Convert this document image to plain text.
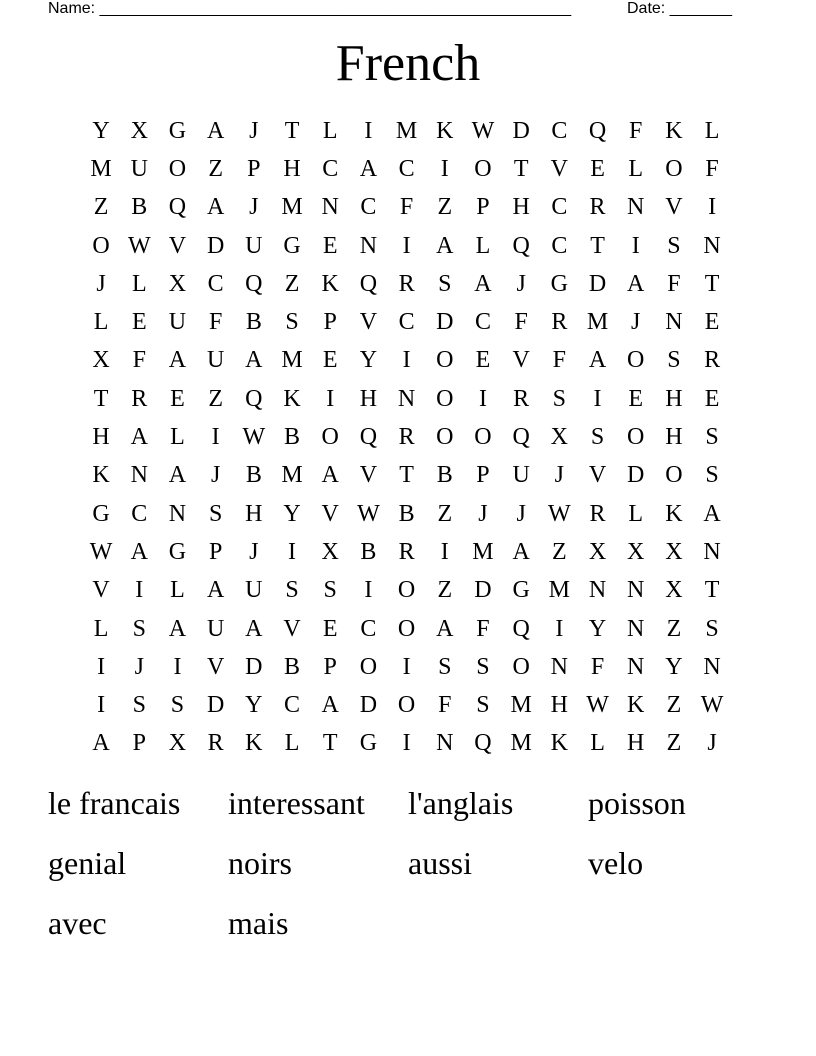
Name: _____________________________________________________	Date: _______
French
Y X G A	J	T L	I M K W D C Q F K L
M U O Z	P H C A C	I	O T V E L O F
Z B Q A	J M N C F	Z	P H C R N V	I
O W V D U G E N	I	A L Q C T	I	S N
J	L X C Q Z K Q R S A	J	G D A F	T
L E U F B S	P V C D C F R M J	N E
X F A U A M E Y	I	O E V F A O S R
T R E Z Q K	I	H N O	I	R S	I	E H E
H A L	I W B O Q R O O Q X S O H S
K N A	J	B M A V T B P U	J	V D O S
G C N S H Y V W B Z	J	J W R L K A
W A G P	J	I	X B R	I M A Z X X X N
V	I	L A U S	S	I	O Z D G M N N X T
L	S A U A V E C O A F Q	I	Y N Z	S
I	J	I	V D B P O	I	S	S O N F N Y N
I	S	S D Y C A D O F	S M H W K Z W
A P X R K L T G	I	N Q M K L H Z	J
le francais	interessant	l'anglais	poisson
genial	noirs	aussi	velo
avec	mais
